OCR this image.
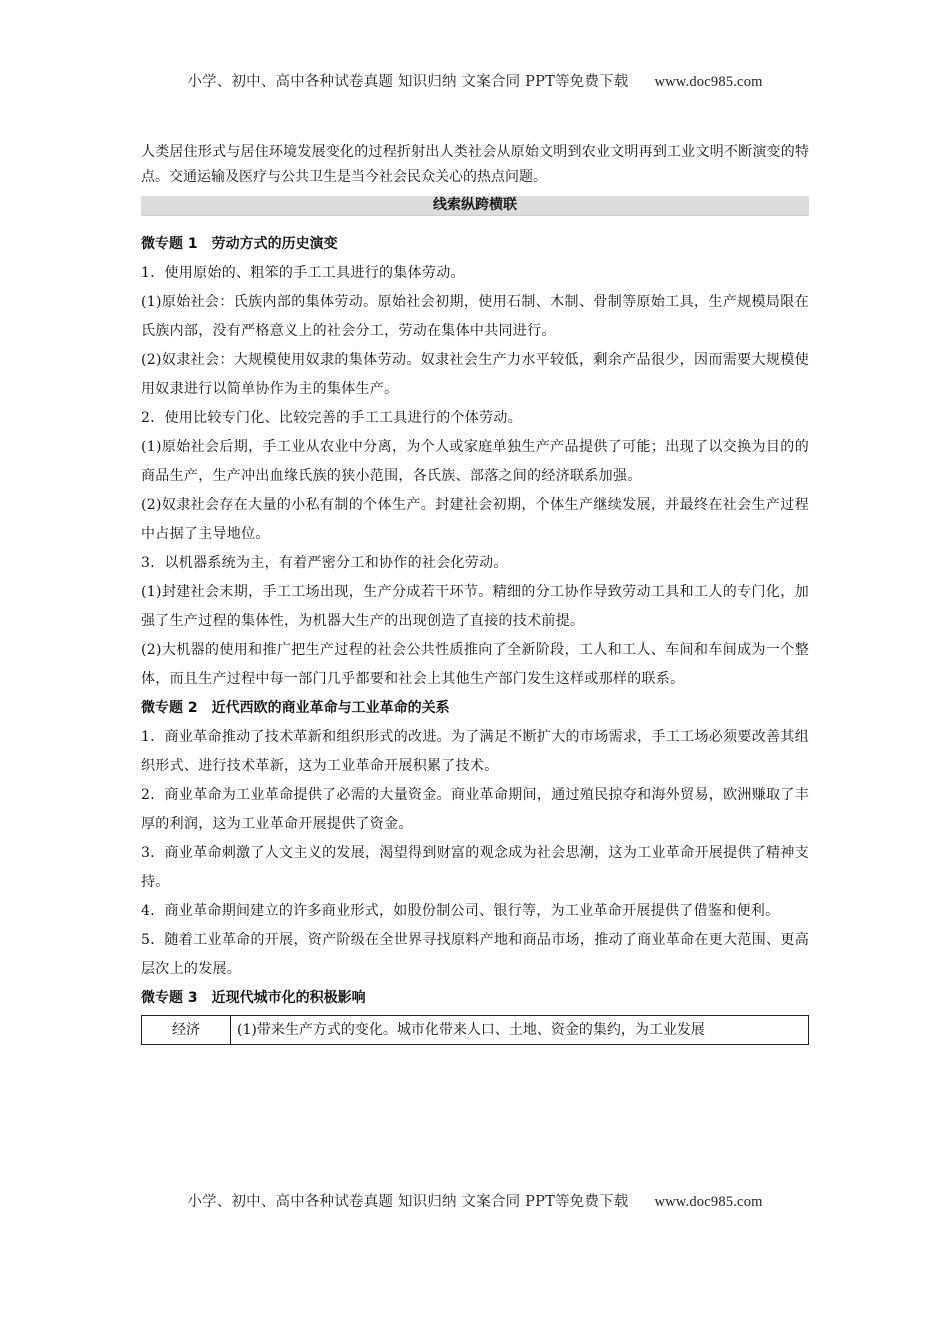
小学、初中、高中各种试卷真题 知识归纳 文案合同 PPT等免费下载 www.doc985.com

人类居住形式与居住环境发展变化的过程折射出人类社会从原始文明到农业文明再到工业文明不断演变的特点。交通运输及医疗与公共卫生是当今社会民众关心的热点问题。

线索纵跨横联

微专题 1　劳动方式的历史演变

1．使用原始的、粗笨的手工工具进行的集体劳动。

(1)原始社会：氏族内部的集体劳动。原始社会初期，使用石制、木制、骨制等原始工具，生产规模局限在氏族内部，没有严格意义上的社会分工，劳动在集体中共同进行。

(2)奴隶社会：大规模使用奴隶的集体劳动。奴隶社会生产力水平较低，剩余产品很少，因而需要大规模使用奴隶进行以简单协作为主的集体生产。

2．使用比较专门化、比较完善的手工工具进行的个体劳动。

(1)原始社会后期，手工业从农业中分离，为个人或家庭单独生产产品提供了可能；出现了以交换为目的的商品生产，生产冲出血缘氏族的狭小范围，各氏族、部落之间的经济联系加强。

(2)奴隶社会存在大量的小私有制的个体生产。封建社会初期，个体生产继续发展，并最终在社会生产过程中占据了主导地位。

3．以机器系统为主，有着严密分工和协作的社会化劳动。

(1)封建社会末期，手工工场出现，生产分成若干环节。精细的分工协作导致劳动工具和工人的专门化，加强了生产过程的集体性，为机器大生产的出现创造了直接的技术前提。

(2)大机器的使用和推广把生产过程的社会公共性质推向了全新阶段，工人和工人、车间和车间成为一个整体，而且生产过程中每一部门几乎都要和社会上其他生产部门发生这样或那样的联系。

微专题 2　近代西欧的商业革命与工业革命的关系

1．商业革命推动了技术革新和组织形式的改进。为了满足不断扩大的市场需求，手工工场必须要改善其组织形式、进行技术革新，这为工业革命开展积累了技术。

2．商业革命为工业革命提供了必需的大量资金。商业革命期间，通过殖民掠夺和海外贸易，欧洲赚取了丰厚的利润，这为工业革命开展提供了资金。

3．商业革命刺激了人文主义的发展，渴望得到财富的观念成为社会思潮，这为工业革命开展提供了精神支持。

4．商业革命期间建立的许多商业形式，如股份制公司、银行等，为工业革命开展提供了借鉴和便利。

5．随着工业革命的开展，资产阶级在全世界寻找原料产地和商品市场，推动了商业革命在更大范围、更高层次上的发展。

微专题 3　近现代城市化的积极影响

经济	(1)带来生产方式的变化。城市化带来人口、土地、资金的集约，为工业发展
小学、初中、高中各种试卷真题 知识归纳 文案合同 PPT等免费下载 www.doc985.com
